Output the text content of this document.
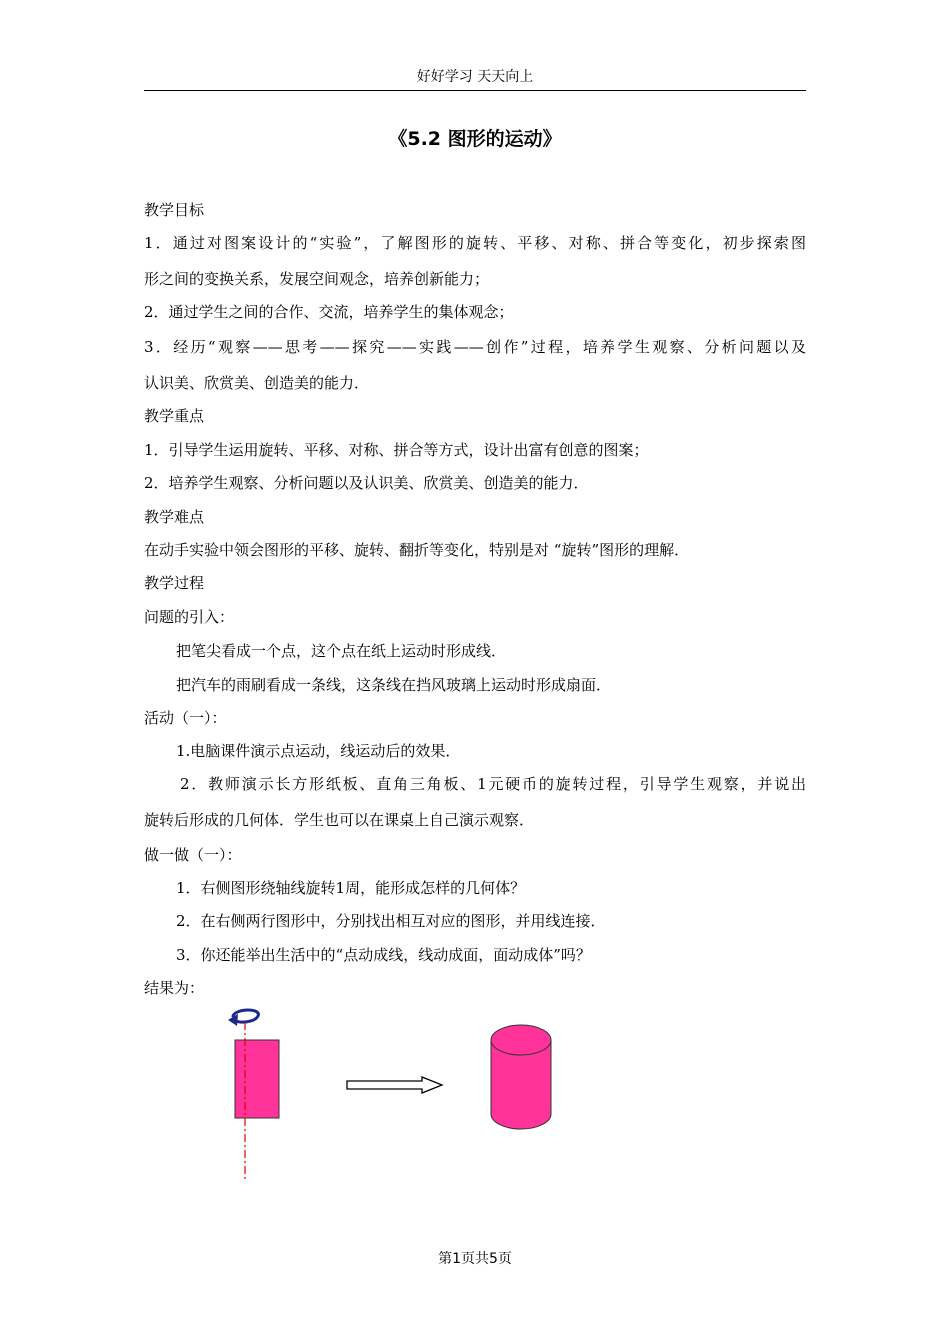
好好学习 天天向上
《5.2 图形的运动》
教学目标
1．通过对图案设计的“实验”，了解图形的旋转、平移、对称、拼合等变化，初步探索图
形之间的变换关系，发展空间观念，培养创新能力；
2．通过学生之间的合作、交流，培养学生的集体观念；
3．经历“观察——思考——探究——实践——创作”过程，培养学生观察、分析问题以及
认识美、欣赏美、创造美的能力．
教学重点
1．引导学生运用旋转、平移、对称、拼合等方式，设计出富有创意的图案；
2．培养学生观察、分析问题以及认识美、欣赏美、创造美的能力．
教学难点
在动手实验中领会图形的平移、旋转、翻折等变化，特别是对 “旋转”图形的理解．
教学过程
问题的引入：
把笔尖看成一个点，这个点在纸上运动时形成线．
把汽车的雨刷看成一条线，这条线在挡风玻璃上运动时形成扇面．
活动（一）：
1.电脑课件演示点运动，线运动后的效果．
2．教师演示长方形纸板、直角三角板、1元硬币的旋转过程，引导学生观察，并说出
旋转后形成的几何体．学生也可以在课桌上自己演示观察．
做一做（一）：
1．右侧图形绕轴线旋转1周，能形成怎样的几何体？
2．在右侧两行图形中，分别找出相互对应的图形，并用线连接．
3．你还能举出生活中的“点动成线，线动成面，面动成体”吗？
结果为：
第1页共5页
